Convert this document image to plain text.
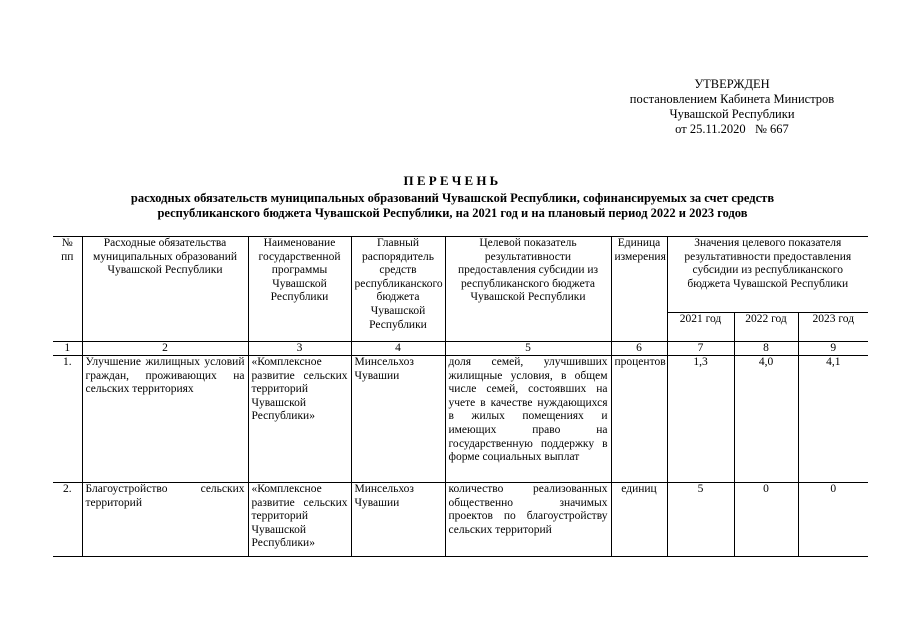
УТВЕРЖДЕН
постановлением Кабинета Министров
Чувашской Республики
от 25.11.2020   № 667
ПЕРЕЧЕНЬ
расходных обязательств муниципальных образований Чувашской Республики, софинансируемых за счет средств
республиканского бюджета Чувашской Республики, на 2021 год и на плановый период 2022 и 2023 годов
№ пп	Расходные обязательства муниципальных образований Чувашской Республики	Наименование государственной программы Чувашской Республики	Главный распорядитель средств республиканского бюджета Чувашской Республики	Целевой показатель результативности предоставления субсидии из республиканского бюджета Чувашской Республики	Единица измерения	Значения целевого показателя результативности предоставления субсидии из республиканского бюджета Чувашской Республики		
						2021 год	2022 год	2023 год
1	2	3	4	5	6	7	8	9
1.	Улучшение жилищных условий граждан, проживающих на сельских территориях	«Комплексное развитие сельских территорий Чувашской Республики»	Минсельхоз Чувашии	доля семей, улучшивших жилищные условия, в общем числе семей, состоявших на учете в качестве нуждающихся в жилых помещениях и имеющих право на государственную поддержку в форме социальных выплат	процентов	1,3	4,0	4,1
2.	Благоустройство сельских территорий	«Комплексное развитие сельских территорий Чувашской Республики»	Минсельхоз Чувашии	количество реализованных общественно значимых проектов по благоустройству сельских территорий	единиц	5	0	0
